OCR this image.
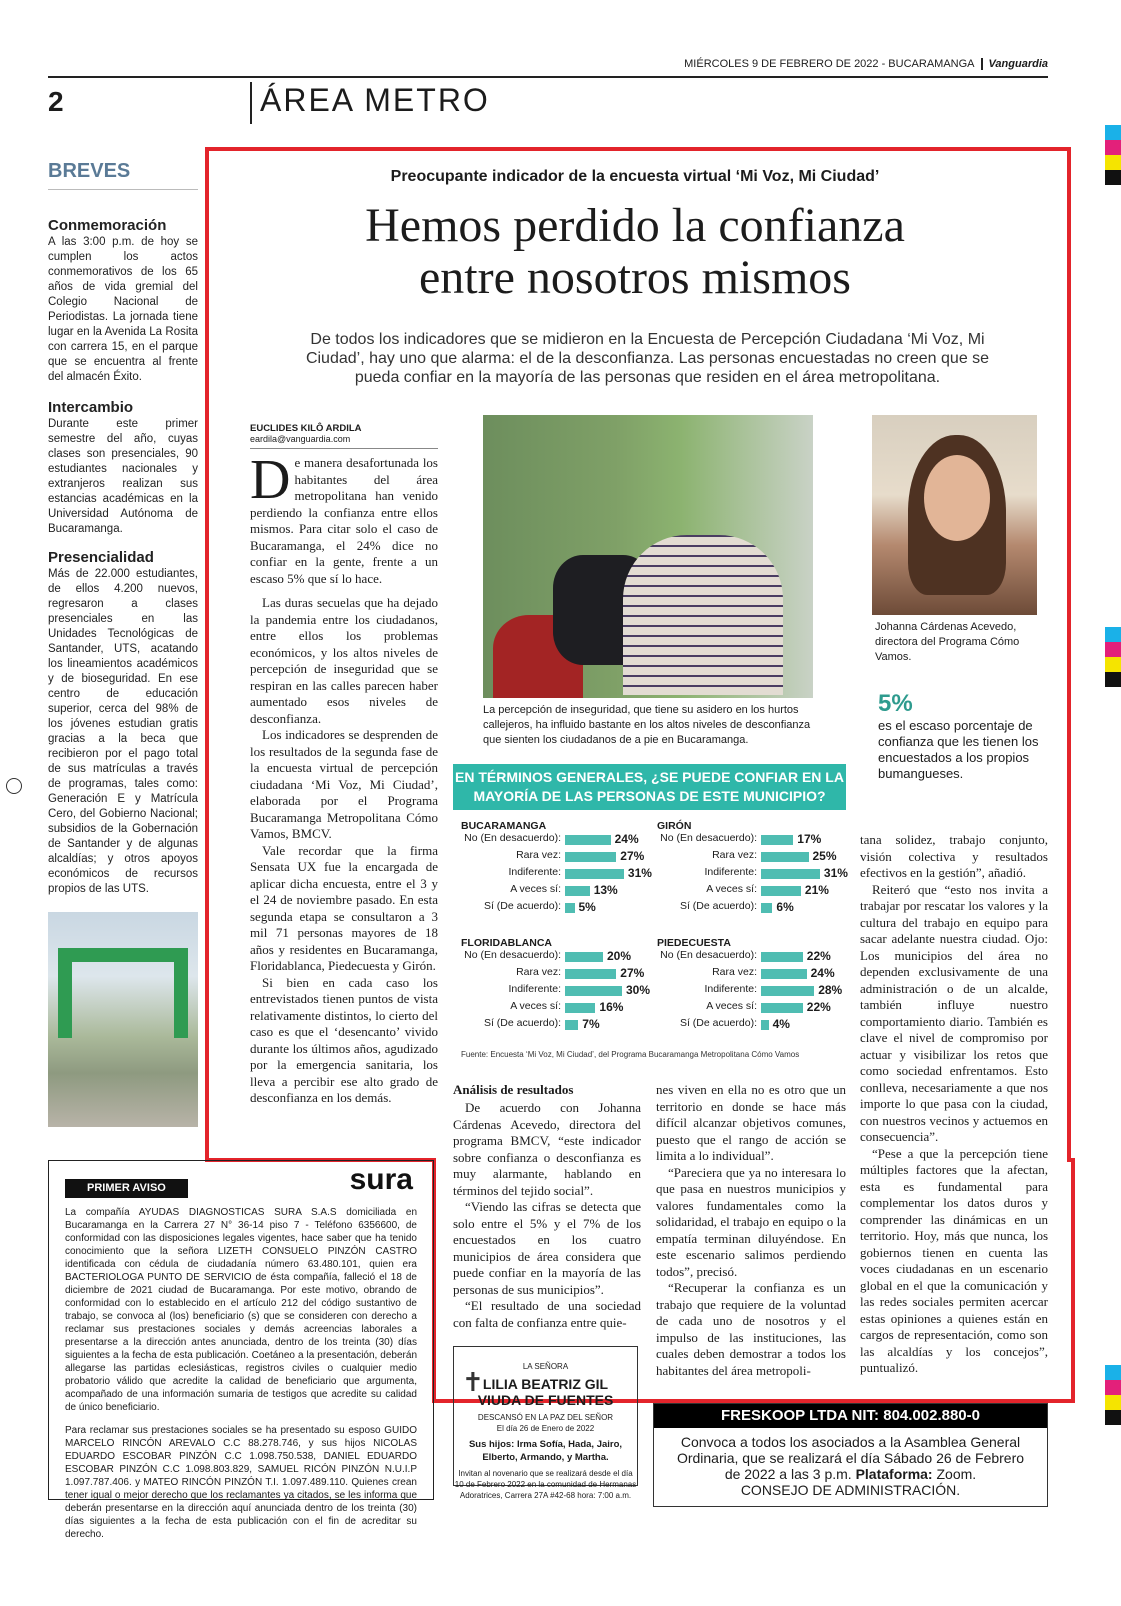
MIÉRCOLES 9 DE FEBRERO DE 2022 - BUCARAMANGA Vanguardia
2	ÁREA METRO
BREVES
Conmemoración

A las 3:00 p.m. de hoy se cumplen los actos conmemorativos de los 65 años de vida gremial del Colegio Nacional de Periodistas. La jornada tiene lugar en la Avenida La Rosita con carrera 15, en el parque que se encuentra al frente del almacén Éxito.

Intercambio

Durante este primer semestre del año, cuyas clases son presenciales, 90 estudiantes nacionales y extranjeros realizan sus estancias académicas en la Universidad Autónoma de Bucaramanga.

Presencialidad

Más de 22.000 estudiantes, de ellos 4.200 nuevos, regresaron a clases presenciales en las Unidades Tecnológicas de Santander, UTS, acatando los lineamientos académicos y de bioseguridad. En ese centro de educación superior, cerca del 98% de los jóvenes estudian gratis gracias a la beca que recibieron por el pago total de sus matrículas a través de programas, tales como: Generación E y Matrícula Cero, del Gobierno Nacional; subsidios de la Gobernación de Santander y de algunas alcaldías; y otros apoyos económicos de recursos propios de las UTS.

Preocupante indicador de la encuesta virtual ‘Mi Voz, Mi Ciudad’
Hemos perdido la confianza
entre nosotros mismos
De todos los indicadores que se midieron en la Encuesta de Percepción Ciudadana ‘Mi Voz, Mi Ciudad’, hay uno que alarma: el de la desconfianza. Las personas encuestadas no creen que se pueda confiar en la mayoría de las personas que residen en el área metropolitana.
EUCLIDES KILÔ ARDILA
eardila@vanguardia.com

De manera desafortunada los habitantes del área metropolitana han venido perdiendo la confianza entre ellos mismos. Para citar solo el caso de Bucaramanga, el 24% dice no confiar en la gente, frente a un escaso 5% que sí lo hace.

Las duras secuelas que ha dejado la pandemia entre los ciudadanos, entre ellos los problemas económicos, y los altos niveles de percepción de inseguridad que se respiran en las calles parecen haber aumentado esos niveles de desconfianza.

Los indicadores se desprenden de los resultados de la segunda fase de la encuesta virtual de percepción ciudadana ‘Mi Voz, Mi Ciudad’, elaborada por el Programa Bucaramanga Metropolitana Cómo Vamos, BMCV.

Vale recordar que la firma Sensata UX fue la encargada de aplicar dicha encuesta, entre el 3 y el 24 de noviembre pasado. En esta segunda etapa se consultaron a 3 mil 71 personas mayores de 18 años y residentes en Bucaramanga, Floridablanca, Piedecuesta y Girón.

Si bien en cada caso los entrevistados tienen puntos de vista relativamente distintos, lo cierto del caso es que el ‘desencanto’ vivido durante los últimos años, agudizado por la emergencia sanitaria, los lleva a percibir ese alto grado de desconfianza en los demás.

La percepción de inseguridad, que tiene su asidero en los hurtos callejeros, ha influido bastante en los altos niveles de desconfianza que sienten los ciudadanos de a pie en Bucaramanga.
Johanna Cárdenas Acevedo, directora del Programa Cómo Vamos.
5%
es el escaso porcentaje de confianza que les tienen los encuestados a los propios bumangueses.
EN TÉRMINOS GENERALES, ¿SE PUEDE CONFIAR EN LA MAYORÍA DE LAS PERSONAS DE ESTE MUNICIPIO?
BUCARAMANGA
No (En desacuerdo):	24%
Rara vez:	27%
Indiferente:	31%
A veces sí:	13%
Sí (De acuerdo): 5%
GIRÓN
No (En desacuerdo):	17%
Rara vez:	25%
Indiferente:	31%
A veces sí:	21%
Sí (De acuerdo): 6%
FLORIDABLANCA
No (En desacuerdo):	20%
Rara vez:	27%
Indiferente:	30%
A veces sí:	16%
Sí (De acuerdo): 7%
PIEDECUESTA
No (En desacuerdo):	22%
Rara vez:	24%
Indiferente:	28%
A veces sí:	22%
Sí (De acuerdo): 4%
Fuente: Encuesta ‘Mi Voz, Mi Ciudad’, del Programa Bucaramanga Metropolitana Cómo Vamos
Análisis de resultados

De acuerdo con Johanna Cárdenas Acevedo, directora del programa BMCV, “este indicador sobre confianza o desconfianza es muy alarmante, hablando en términos del tejido social”.

“Viendo las cifras se detecta que solo entre el 5% y el 7% de los encuestados en los cuatro municipios de área considera que puede confiar en la mayoría de las personas de sus municipios”.

“El resultado de una sociedad con falta de confianza entre quie-

nes viven en ella no es otro que un territorio en donde se hace más difícil alcanzar objetivos comunes, puesto que el rango de acción se limita a lo individual”.

“Pareciera que ya no interesara lo que pasa en nuestros municipios y valores fundamentales como la solidaridad, el trabajo en equipo o la empatía terminan diluyéndose. En este escenario salimos perdiendo todos”, precisó.

“Recuperar la confianza es un trabajo que requiere de la voluntad de cada uno de nosotros y el impulso de las instituciones, las cuales deben demostrar a todos los habitantes del área metropoli-

tana solidez, trabajo conjunto, visión colectiva y resultados efectivos en la gestión”, añadió.

Reiteró que “esto nos invita a trabajar por rescatar los valores y la cultura del trabajo en equipo para sacar adelante nuestra ciudad. Ojo: Los municipios del área no dependen exclusivamente de una administración o de un alcalde, también influye nuestro comportamiento diario. También es clave el nivel de compromiso por actuar y visibilizar los retos que como sociedad enfrentamos. Esto conlleva, necesariamente a que nos importe lo que pasa con la ciudad, con nuestros vecinos y actuemos en consecuencia”.

“Pese a que la percepción tiene múltiples factores que la afectan, esta es fundamental para complementar los datos duros y comprender las dinámicas en un territorio. Hoy, más que nunca, los gobiernos tienen en cuenta las voces ciudadanas en un escenario global en el que la comunicación y las redes sociales permiten acercar estas opiniones a quienes están en cargos de representación, como son las alcaldías y los concejos”, puntualizó.

PRIMER AVISO	sura

La compañía AYUDAS DIAGNOSTICAS SURA S.A.S domiciliada en Bucaramanga en la Carrera 27 N° 36-14 piso 7 - Teléfono 6356600, de conformidad con las disposiciones legales vigentes, hace saber que ha tenido conocimiento que la señora LIZETH CONSUELO PINZÓN CASTRO identificada con cédula de ciudadanía número 63.480.101, quien era BACTERIOLOGA PUNTO DE SERVICIO de ésta compañía, falleció el 18 de diciembre de 2021 ciudad de Bucaramanga. Por este motivo, obrando de conformidad con lo establecido en el artículo 212 del código sustantivo de trabajo, se convoca al (los) beneficiario (s) que se consideren con derecho a reclamar sus prestaciones sociales y demás acreencias laborales a presentarse a la dirección antes anunciada, dentro de los treinta (30) días siguientes a la fecha de esta publicación. Coetáneo a la presentación, deberán allegarse las partidas eclesiásticas, registros civiles o cualquier medio probatorio válido que acredite la calidad de beneficiario que argumenta, acompañado de una información sumaria de testigos que acredite su calidad de único beneficiario.

Para reclamar sus prestaciones sociales se ha presentado su esposo GUIDO MARCELO RINCÓN AREVALO C.C 88.278.746, y sus hijos NICOLAS EDUARDO ESCOBAR PINZÓN C.C 1.098.750.538, DANIEL EDUARDO ESCOBAR PINZÓN C.C 1.098.803.829, SAMUEL RICÓN PINZÓN N.U.I.P 1.097.787.406. y MATEO RINCÓN PINZÓN T.I. 1.097.489.110. Quienes crean tener igual o mejor derecho que los reclamantes ya citados, se les informa que deberán presentarse en la dirección aquí anunciada dentro de los treinta (30) días siguientes a la fecha de esta publicación con el fin de acreditar su derecho.

✝
LA SEÑORA
LILIA BEATRIZ GIL
VIUDA DE FUENTES
DESCANSÓ EN LA PAZ DEL SEÑOR
El día 26 de Enero de 2022
Sus hijos: Irma Sofía, Hada, Jairo, Elberto, Armando, y Martha.
Invitan al novenario que se realizará desde el día 10 de Febrero 2022 en la comunidad de Hermanas Adoratrices, Carrera 27A #42-68 hora: 7:00 a.m.
FRESKOOP LTDA NIT: 804.002.880-0
Convoca a todos los asociados a la Asamblea General Ordinaria, que se realizará el día Sábado 26 de Febrero de 2022 a las 3 p.m. Plataforma: Zoom.
CONSEJO DE ADMINISTRACIÓN.
